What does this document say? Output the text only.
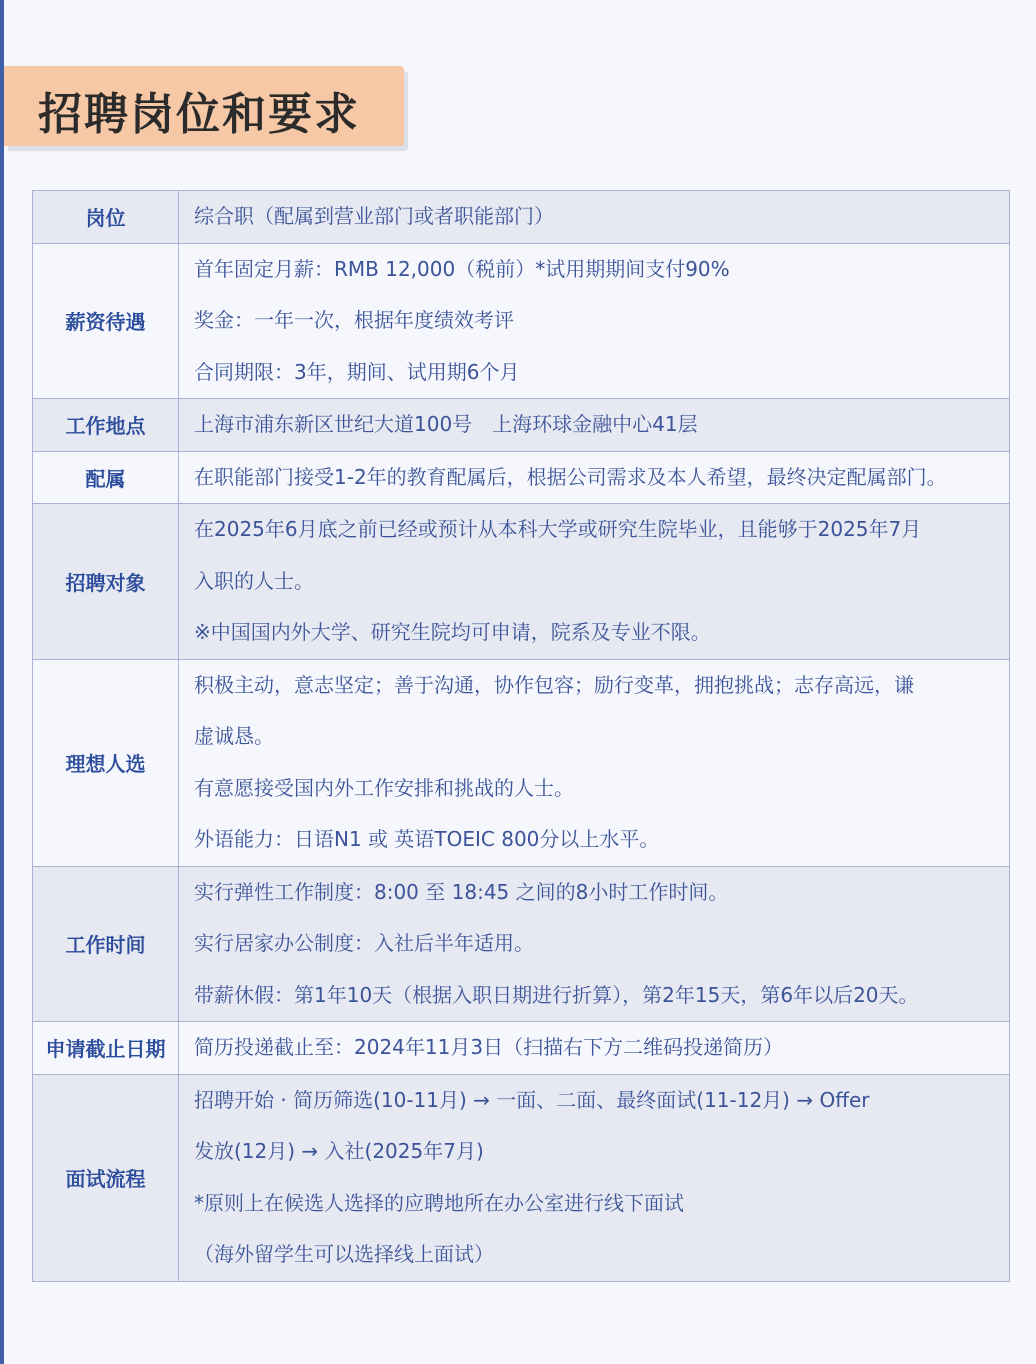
招聘岗位和要求
岗位	综合职（配属到营业部门或者职能部门）

薪资待遇	首年固定月薪：RMB 12,000（税前）*试用期期间支付90%
奖金：一年一次，根据年度绩效考评
合同期限：3年，期间、试用期6个月

工作地点	上海市浦东新区世纪大道100号　上海环球金融中心41层

配属	在职能部门接受1-2年的教育配属后，根据公司需求及本人希望，最终决定配属部门。

招聘对象	在2025年6月底之前已经或预计从本科大学或研究生院毕业，且能够于2025年7月
入职的人士。
※中国国内外大学、研究生院均可申请，院系及专业不限。

理想人选	积极主动，意志坚定；善于沟通，协作包容；励行变革，拥抱挑战；志存高远，谦
虚诚恳。
有意愿接受国内外工作安排和挑战的人士。
外语能力：日语N1 或 英语TOEIC 800分以上水平。

工作时间	实行弹性工作制度：8:00 至 18:45 之间的8小时工作时间。
实行居家办公制度：入社后半年适用。
带薪休假：第1年10天（根据入职日期进行折算），第2年15天，第6年以后20天。

申请截止日期	简历投递截止至：2024年11月3日（扫描右下方二维码投递简历）

面试流程	招聘开始 · 简历筛选(10-11月) → 一面、二面、最终面试(11-12月) → Offer
发放(12月) → 入社(2025年7月)
*原则上在候选人选择的应聘地所在办公室进行线下面试
（海外留学生可以选择线上面试）
